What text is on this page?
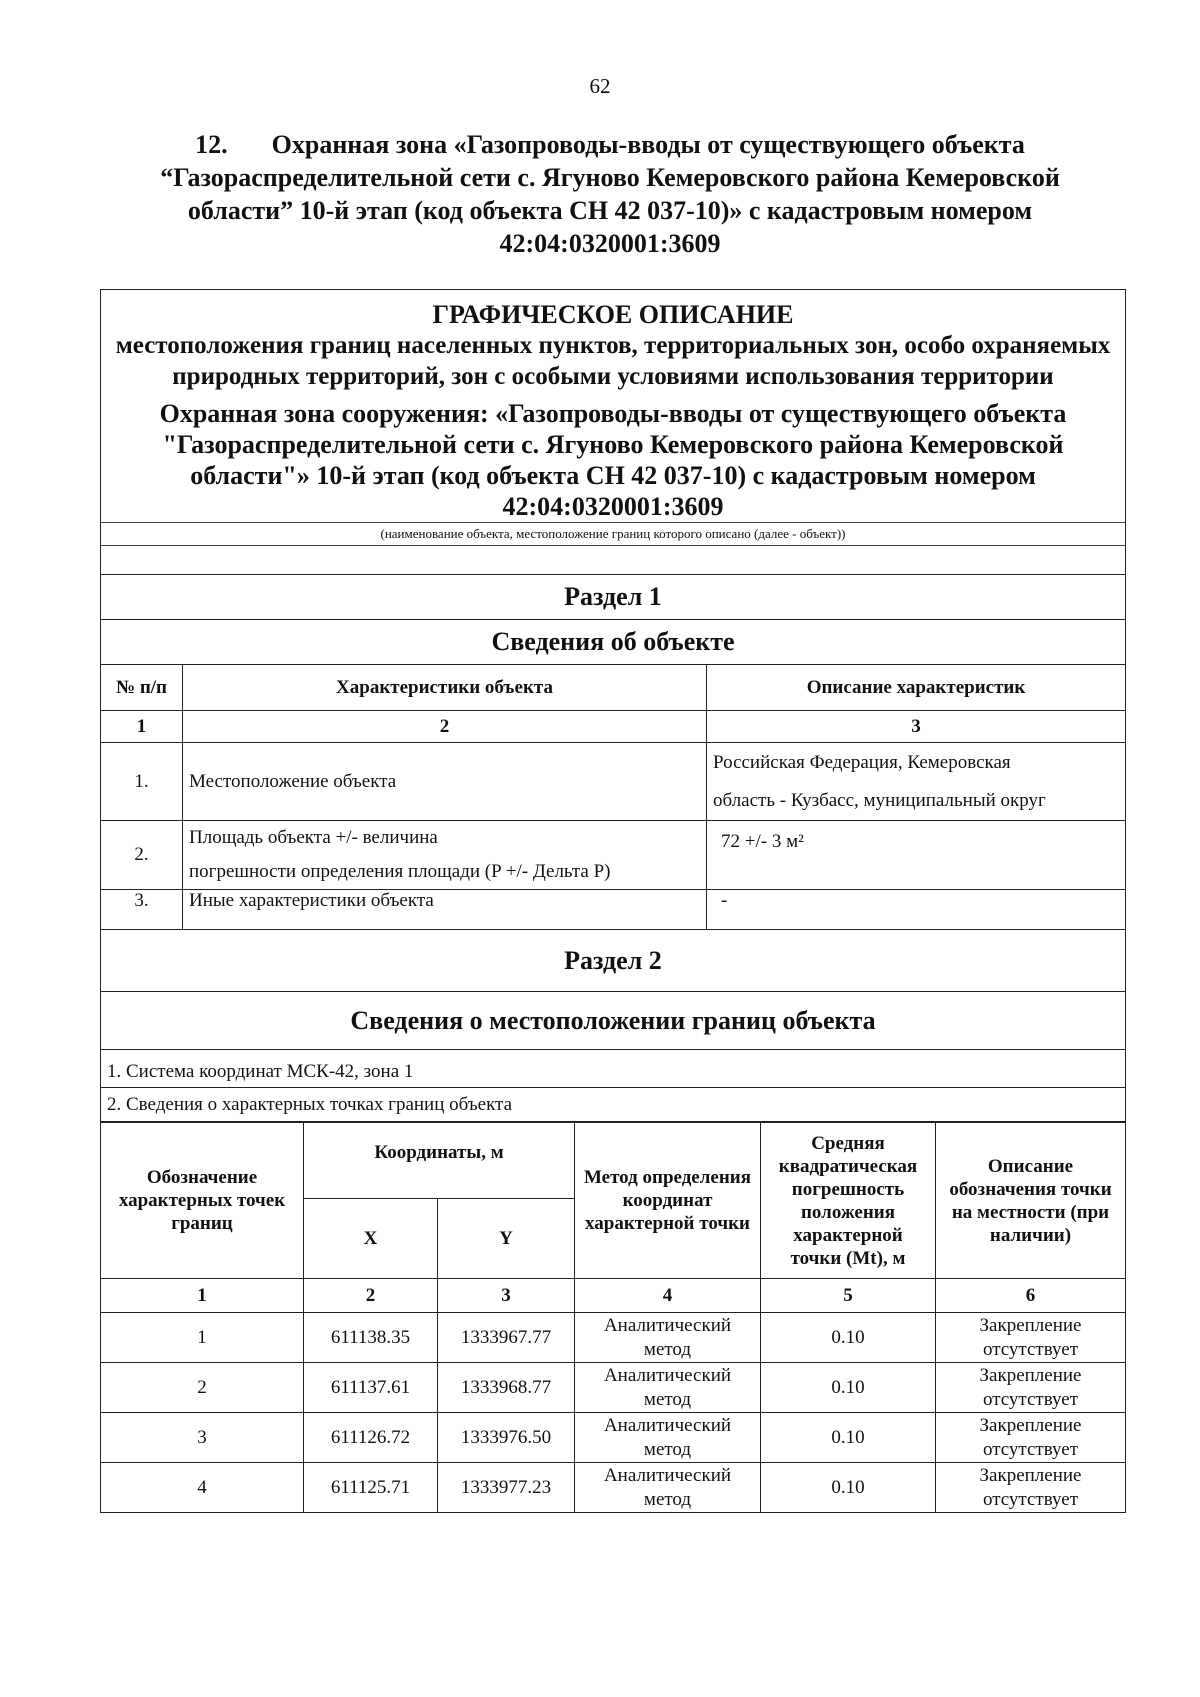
62
12. Охранная зона «Газопроводы-вводы от существующего объекта
“Газораспределительной сети с. Ягуново Кемеровского района Кемеровской
области” 10-й этап (код объекта СН 42 037-10)» с кадастровым номером
42:04:0320001:3609
ГРАФИЧЕСКОЕ ОПИСАНИЕ
местоположения границ населенных пунктов, территориальных зон, особо охраняемых природных территорий, зон с особыми условиями использования территории
Охранная зона сооружения: «Газопроводы-вводы от существующего объекта
"Газораспределительной сети с. Ягуново Кемеровского района Кемеровской
области"» 10-й этап (код объекта СН 42 037-10) с кадастровым номером
42:04:0320001:3609
(наименование объекта, местоположение границ которого описано (далее - объект))
Раздел 1		
Сведения об объекте		
№ п/п	Характеристики объекта	Описание характеристик
1	2	3
1.	Местоположение объекта	Российская Федерация, Кемеровская
область - Кузбасс, муниципальный округ

2.	Площадь объекта +/- величина
погрешности определения площади (P +/- Дельта P)	72 +/- 3 м²
3.	Иные характеристики объекта	-
Раздел 2		
Сведения о местоположении границ объекта		
1. Система координат МСК-42, зона 1		
2. Сведения о характерных точках границ объекта		
Обозначение характерных точек границ	Координаты, м		Метод определения координат характерной точки	Средняя квадратическая погрешность положения характерной точки (Mt), м	Описание обозначения точки на местности (при наличии)
	X	Y			
1	2	3	4	5	6
1	611138.35	1333967.77	Аналитический метод	0.10	Закрепление отсутствует
2	611137.61	1333968.77	Аналитический метод	0.10	Закрепление отсутствует
3	611126.72	1333976.50	Аналитический метод	0.10	Закрепление отсутствует
4	611125.71	1333977.23	Аналитический метод	0.10	Закрепление отсутствует
